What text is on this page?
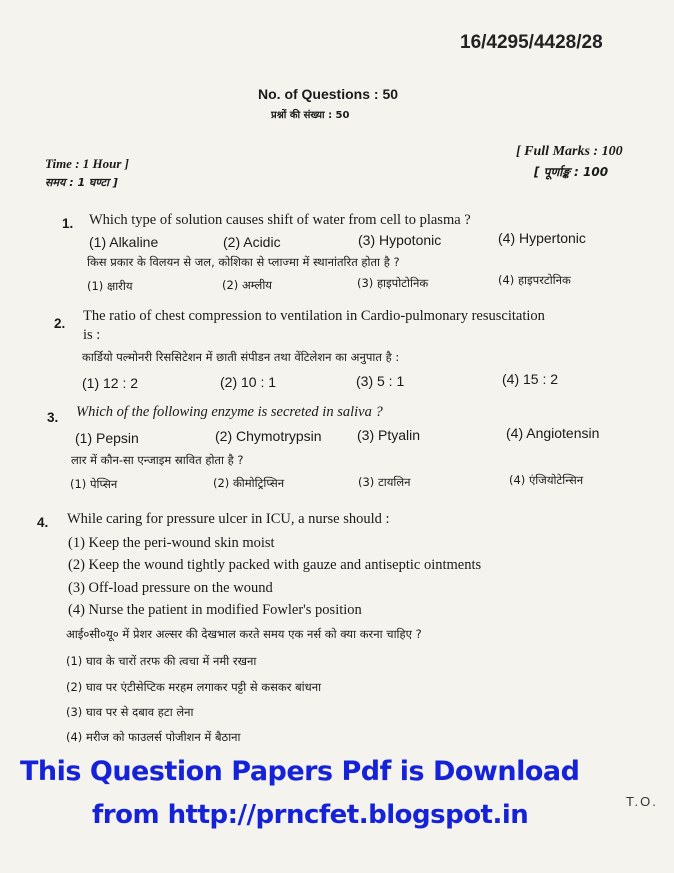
16/4295/4428/28
No. of Questions : 50
प्रश्नों की संख्या : 50
Time : 1 Hour ]
समय : 1 घण्टा ]
[ Full Marks : 100
[ पूर्णाङ्क : 100
1. Which type of solution causes shift of water from cell to plasma ?
(1) Alkaline	(2) Acidic	(3) Hypotonic	(4) Hypertonic
किस प्रकार के विलयन से जल, कोशिका से प्लाज्मा में स्थानांतरित होता है ?
(1) क्षारीय	(2) अम्लीय	(3) हाइपोटोनिक	(4) हाइपरटोनिक
2. The ratio of chest compression to ventilation in Cardio-pulmonary resuscitation
is :
कार्डियो पल्मोनरी रिससिटेशन में छाती संपीडन तथा वेंटिलेशन का अनुपात है :
(1) 12 : 2	(2) 10 : 1	(3) 5 : 1	(4) 15 : 2
3. Which of the following enzyme is secreted in saliva ?
(1) Pepsin	(2) Chymotrypsin	(3) Ptyalin	(4) Angiotensin
लार में कौन-सा एन्जाइम स्रावित होता है ?
(1) पेप्सिन	(2) कीमोट्रिप्सिन	(3) टायलिन	(4) एंजियोटेन्सिन
4. While caring for pressure ulcer in ICU, a nurse should :
(1) Keep the peri-wound skin moist
(2) Keep the wound tightly packed with gauze and antiseptic ointments
(3) Off-load pressure on the wound
(4) Nurse the patient in modified Fowler's position
आई०सी०यू० में प्रेशर अल्सर की देखभाल करते समय एक नर्स को क्या करना चाहिए ?
(1) घाव के चारों तरफ की त्वचा में नमी रखना
(2) घाव पर एंटीसेप्टिक मरहम लगाकर पट्टी से कसकर बांधना
(3) घाव पर से दबाव हटा लेना
(4) मरीज को फाउलर्स पोजीशन में बैठाना
This Question Papers Pdf is Download
from http://prncfet.blogspot.in	T.O.
